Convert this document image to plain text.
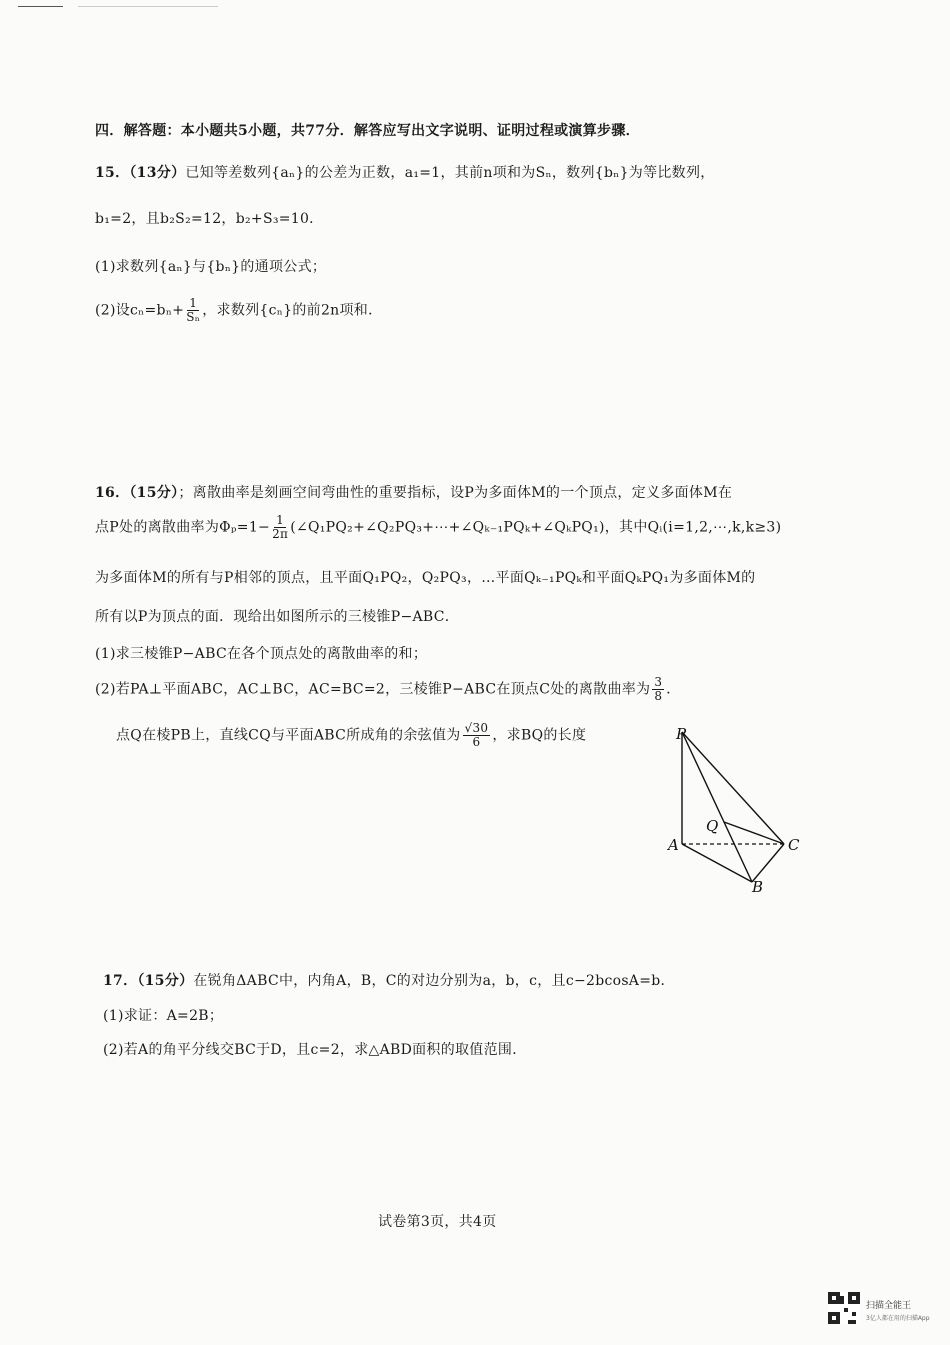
四．解答题：本小题共5小题，共77分．解答应写出文字说明、证明过程或演算步骤．
15．（13分）已知等差数列{aₙ}的公差为正数，a₁=1，其前n项和为Sₙ，数列{bₙ}为等比数列，
b₁=2，且b₂S₂=12，b₂+S₃=10．
(1)求数列{aₙ}与{bₙ}的通项公式；
(2)设$c_n=b_n+ \frac{1}{\text{Sₙ}}$ ，求数列{cₙ}的前2n项和．
16．（15分）；离散曲率是刻画空间弯曲性的重要指标，设P为多面体M的一个顶点，定义多面体M在
点P处的离散曲率为$\Phi_p=1- \frac{1}{2\pi}$ (∠Q₁PQ₂+∠Q₂PQ₃+⋯+∠Qₖ₋₁PQₖ+∠QₖPQ₁)，其中Qᵢ(i=1,2,⋯,k,k≥3)
为多面体M的所有与P相邻的顶点，且平面Q₁PQ₂，Q₂PQ₃，…平面Qₖ₋₁PQₖ和平面QₖPQ₁为多面体M的
所有以P为顶点的面．现给出如图所示的三棱锥P−ABC．
(1)求三棱锥P−ABC在各个顶点处的离散曲率的和；
(2)若PA⊥平面ABC，AC⊥BC，AC=BC=2，三棱锥P−ABC在顶点C处的离散曲率为 $\frac{3}{8}$ ．
点Q在棱PB上，直线CQ与平面ABC所成角的余弦值为 $\frac{√30}{6}$ ，求BQ的长度	P
Q
A	C
B
17．（15分）在锐角ΔABC中，内角A，B，C的对边分别为a，b，c，且c−2bcosA=b．
(1)求证：A=2B；
(2)若A的角平分线交BC于D，且c=2，求△ABD面积的取值范围．
试卷第3页，共4页
扫描全能王
3亿人都在用的扫描App
